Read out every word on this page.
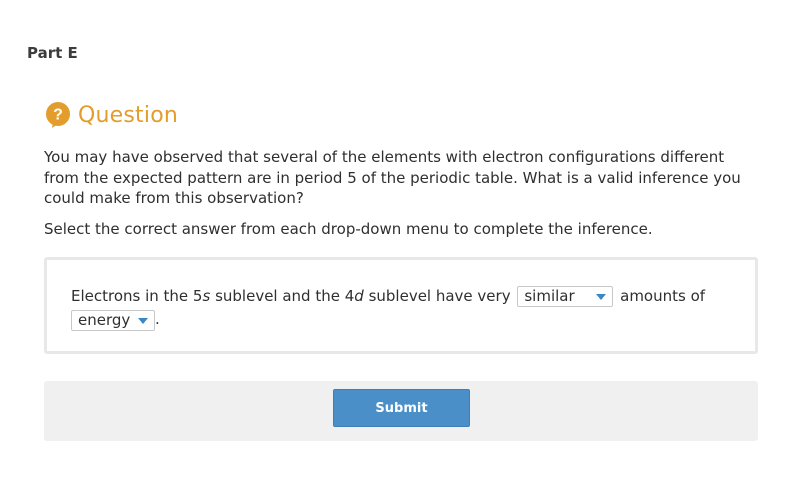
Part E
? Question
You may have observed that several of the elements with electron configurations different from the expected pattern are in period 5 of the periodic table. What is a valid inference you could make from this observation?
Select the correct answer from each drop-down menu to complete the inference.
Electrons in the 5s sublevel and the 4d sublevel have very similar	amounts of

energy .
Submit
